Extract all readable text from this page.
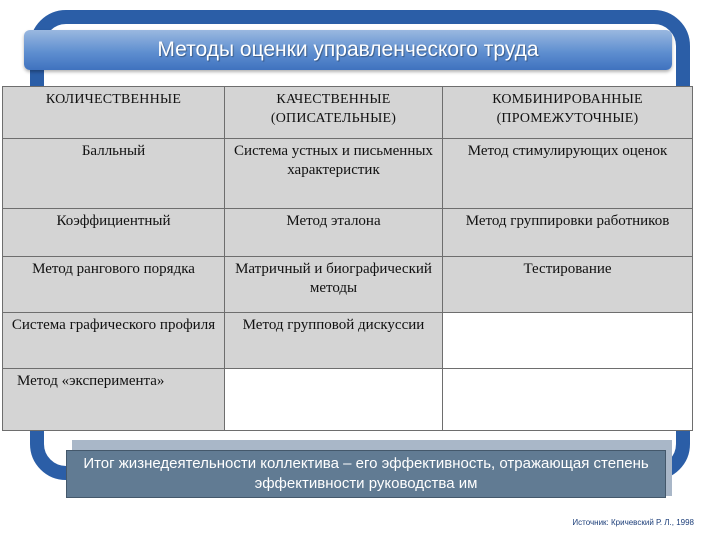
Методы оценки управленческого труда
КОЛИЧЕСТВЕННЫЕ	КАЧЕСТВЕННЫЕ (ОПИСАТЕЛЬНЫЕ)	КОМБИНИРОВАННЫЕ (ПРОМЕЖУТОЧНЫЕ)
Балльный	Система устных и письменных характеристик	Метод стимулирующих оценок
Коэффициентный	Метод эталона	Метод группировки работников
Метод рангового порядка	Матричный и биографический методы	Тестирование
Система графического профиля	Метод групповой дискуссии	
Метод «эксперимента»		
Итог жизнедеятельности коллектива – его эффективность, отражающая степень эффективности руководства им
Источник: Кричевский Р. Л., 1998
